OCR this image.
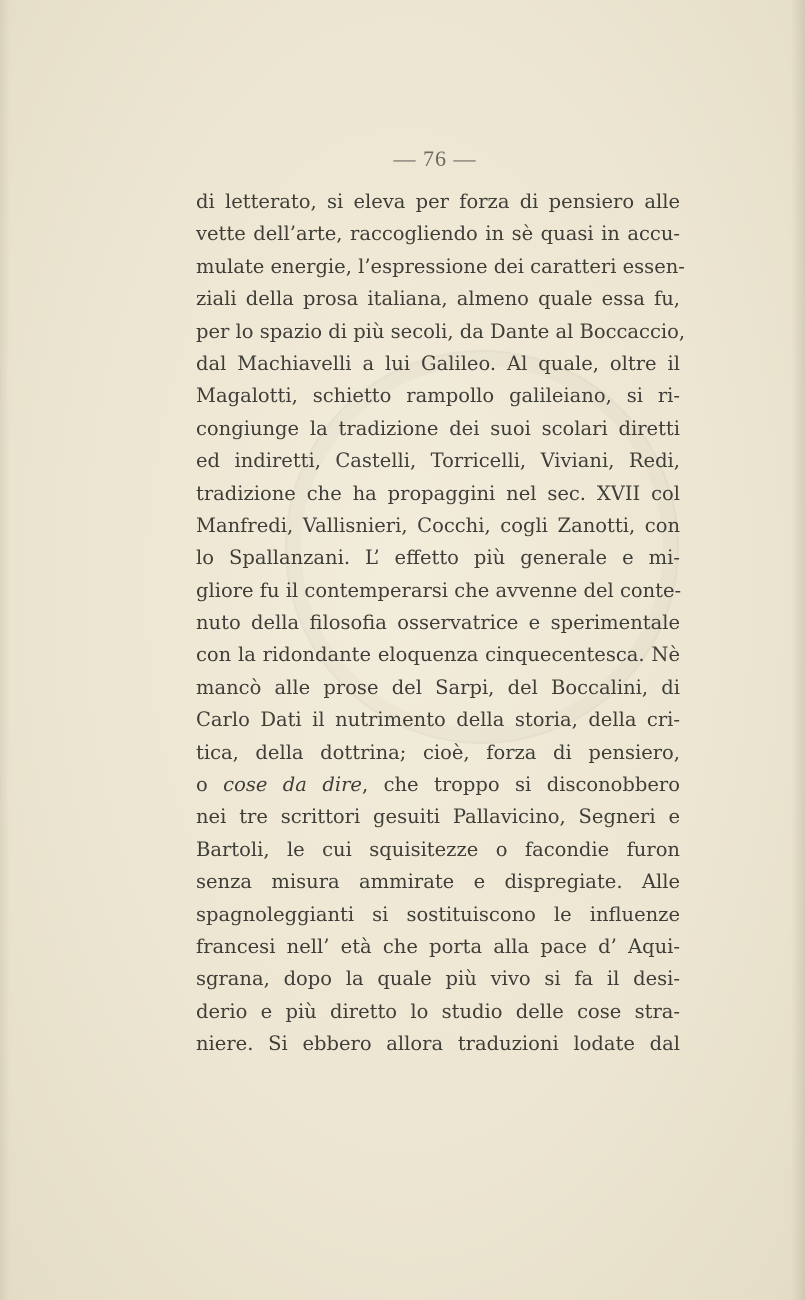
— 76 —
di letterato, si eleva per forza di pensiero alle
vette dell’arte, raccogliendo in sè quasi in accu-
mulate energie, l’espressione dei caratteri essen-
ziali della prosa italiana, almeno quale essa fu,
per lo spazio di più secoli, da Dante al Boccaccio,
dal Machiavelli a lui Galileo. Al quale, oltre il
Magalotti, schietto rampollo galileiano, si ri-
congiunge la tradizione dei suoi scolari diretti
ed indiretti, Castelli, Torricelli, Viviani, Redi,
tradizione che ha propaggini nel sec. XVII col
Manfredi, Vallisnieri, Cocchi, cogli Zanotti, con
lo Spallanzani. L’ effetto più generale e mi-
gliore fu il contemperarsi che avvenne del conte-
nuto della filosofia osservatrice e sperimentale
con la ridondante eloquenza cinquecentesca. Nè
mancò alle prose del Sarpi, del Boccalini, di
Carlo Dati il nutrimento della storia, della cri-
tica, della dottrina; cioè, forza di pensiero,
o cose da dire, che troppo si disconobbero
nei tre scrittori gesuiti Pallavicino, Segneri e
Bartoli, le cui squisitezze o facondie furon
senza misura ammirate e dispregiate. Alle
spagnoleggianti si sostituiscono le influenze
francesi nell’ età che porta alla pace d’ Aqui-
sgrana, dopo la quale più vivo si fa il desi-
derio e più diretto lo studio delle cose stra-
niere. Si ebbero allora traduzioni lodate dal
